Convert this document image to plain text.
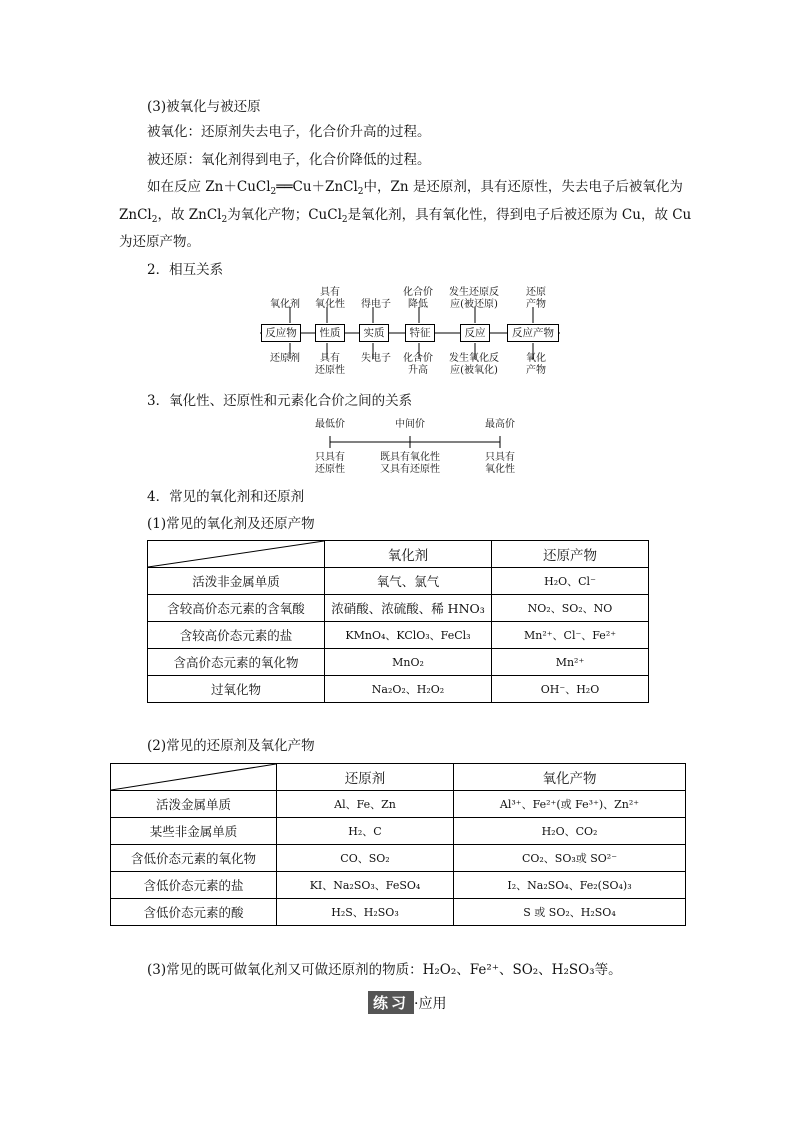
(3)被氧化与被还原
被氧化：还原剂失去电子，化合价升高的过程。
被还原：氧化剂得到电子，化合价降低的过程。
如在反应 Zn＋CuCl$_2$══Cu＋ZnCl$_2$中，Zn 是还原剂，具有还原性，失去电子后被氧化为
ZnCl$_2$，故 ZnCl$_2$为氧化产物；CuCl$_2$是氧化剂，具有氧化性，得到电子后被还原为 Cu，故 Cu
为还原产物。
2．相互关系
反应物	性质	实质	特征	反应	反应产物
氧化剂
具有
氧化性	得电子
化合价
降低
发生还原反
应(被还原)
还原
产物
还原剂	具有
还原性
失电子	化合价
升高
发生氧化反
应(被氧化)
氧化
产物
3．氧化性、还原性和元素化合价之间的关系
最低价	中间价	最高价
只具有
还原性
既具有氧化性
又具有还原性
只具有
氧化性
4．常见的氧化剂和还原剂
(1)常见的氧化剂及还原产物
	氧化剂	还原产物
活泼非金属单质	氧气、氯气	H₂O、Cl⁻
含较高价态元素的含氧酸	浓硝酸、浓硫酸、稀 HNO₃	NO₂、SO₂、NO
含较高价态元素的盐	KMnO₄、KClO₃、FeCl₃	Mn²⁺、Cl⁻、Fe²⁺
含高价态元素的氧化物	MnO₂	Mn²⁺
过氧化物	Na₂O₂、H₂O₂	OH⁻、H₂O
(2)常见的还原剂及氧化产物
	还原剂	氧化产物
活泼金属单质	Al、Fe、Zn	Al³⁺、Fe²⁺(或 Fe³⁺)、Zn²⁺
某些非金属单质	H₂、C	H₂O、CO₂
含低价态元素的氧化物	CO、SO₂	CO₂、SO₃或 SO²⁻
含低价态元素的盐	KI、Na₂SO₃、FeSO₄	I₂、Na₂SO₄、Fe₂(SO₄)₃
含低价态元素的酸	H₂S、H₂SO₃	S 或 SO₂、H₂SO₄
(3)常见的既可做氧化剂又可做还原剂的物质：H₂O₂、Fe²⁺、SO₂、H₂SO₃等。
练习 ·应用
